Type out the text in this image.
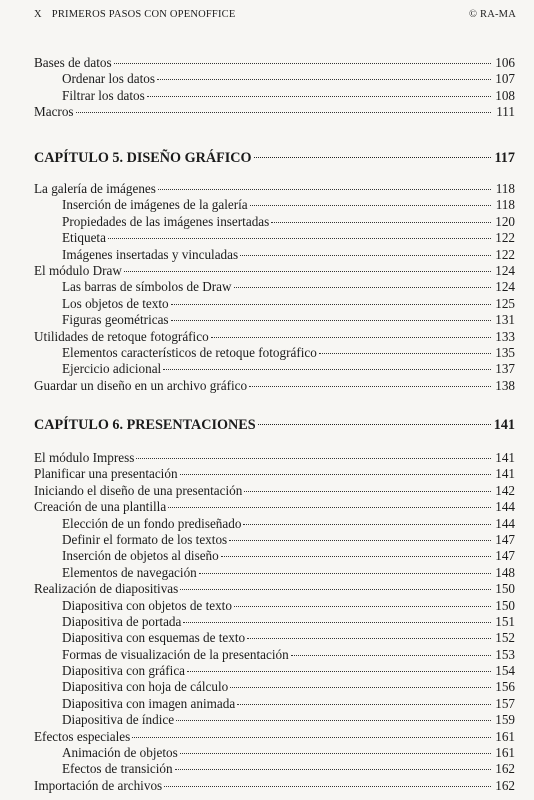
X PRIMEROS PASOS CON OPENOFFICE	© RA-MA
Bases de datos	106
Ordenar los datos	107
Filtrar los datos	108
Macros	111
CAPÍTULO 5. DISEÑO GRÁFICO	117
La galería de imágenes	118
Inserción de imágenes de la galería	118
Propiedades de las imágenes insertadas	120
Etiqueta	122
Imágenes insertadas y vinculadas	122
El módulo Draw	124
Las barras de símbolos de Draw	124
Los objetos de texto	125
Figuras geométricas	131
Utilidades de retoque fotográfico	133
Elementos característicos de retoque fotográfico	135
Ejercicio adicional	137
Guardar un diseño en un archivo gráfico	138
CAPÍTULO 6. PRESENTACIONES	141
El módulo Impress	141
Planificar una presentación	141
Iniciando el diseño de una presentación	142
Creación de una plantilla	144
Elección de un fondo prediseñado	144
Definir el formato de los textos	147
Inserción de objetos al diseño	147
Elementos de navegación	148
Realización de diapositivas	150
Diapositiva con objetos de texto	150
Diapositiva de portada	151
Diapositiva con esquemas de texto	152
Formas de visualización de la presentación	153
Diapositiva con gráfica	154
Diapositiva con hoja de cálculo	156
Diapositiva con imagen animada	157
Diapositiva de índice	159
Efectos especiales	161
Animación de objetos	161
Efectos de transición	162
Importación de archivos	162
